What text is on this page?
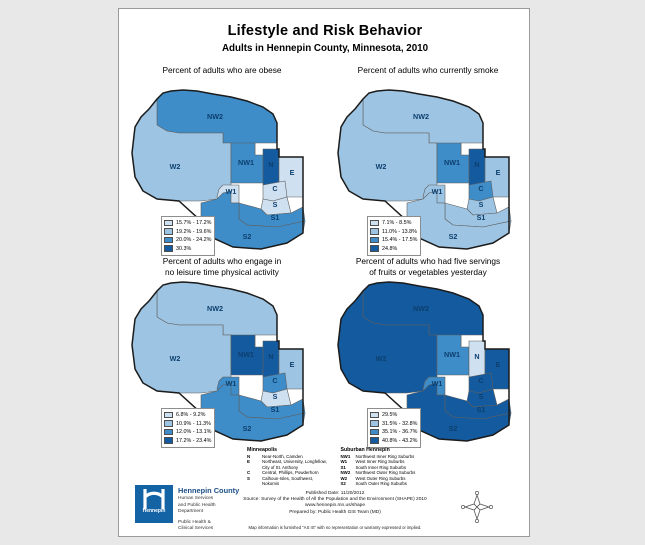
Lifestyle and Risk Behavior
Adults in Hennepin County, Minnesota, 2010
Percent of adults who are obese
NW2
W2	NW1
W1
N
E
C
S
S1
S2
15.7% - 17.2%
19.2% - 19.6%
20.0% - 24.2%
30.3%
Percent of adults who currently smoke
NW2
W2	NW1
W1
N
E
C
S
S1
S2
7.1% - 8.5%
11.0% - 13.8%
15.4% - 17.5%
24.8%
Percent of adults who engage in
no leisure time physical activity
NW2
W2	NW1
W1
N
E
C
S
S1
S2
6.8% - 9.2%
10.9% - 11.3%
12.0% - 13.1%
17.2% - 23.4%
Percent of adults who had five servings
of fruits or vegetables yesterday
NW2
W2	NW1
W1
N
E
C
S
S1
S2
29.5%
31.5% - 32.8%
35.1% - 36.7%
40.8% - 43.2%
Minneapolis
N	Near-North, Camden
E	Northeast, University, Longfellow, City of St. Anthony
C	Central, Phillips, Powderhorn
S	Calhoun-Isles, Southwest, Nokomis
Suburban Hennepin
NW1	Northwest Inner Ring Suburbs
W1	West Inner Ring Suburbs
S1	South Inner Ring Suburbs
NW2	Northwest Outer Ring Suburbs
W2	West Outer Ring Suburbs
S2	South Outer Ring Suburbs
Hennepin
Hennepin County
Human Services
and Public Health
Department
Public Health &
Clinical Services
Published Date: 11/20/2012
Source: Survey of the Health of All the Population and the Environment (SHAPE) 2010
www.hennepin.mn.us/shape
Prepared by: Public Health GIS Team (MD)
Map information is furnished "AS IS" with no representation or warranty expressed or implied.
